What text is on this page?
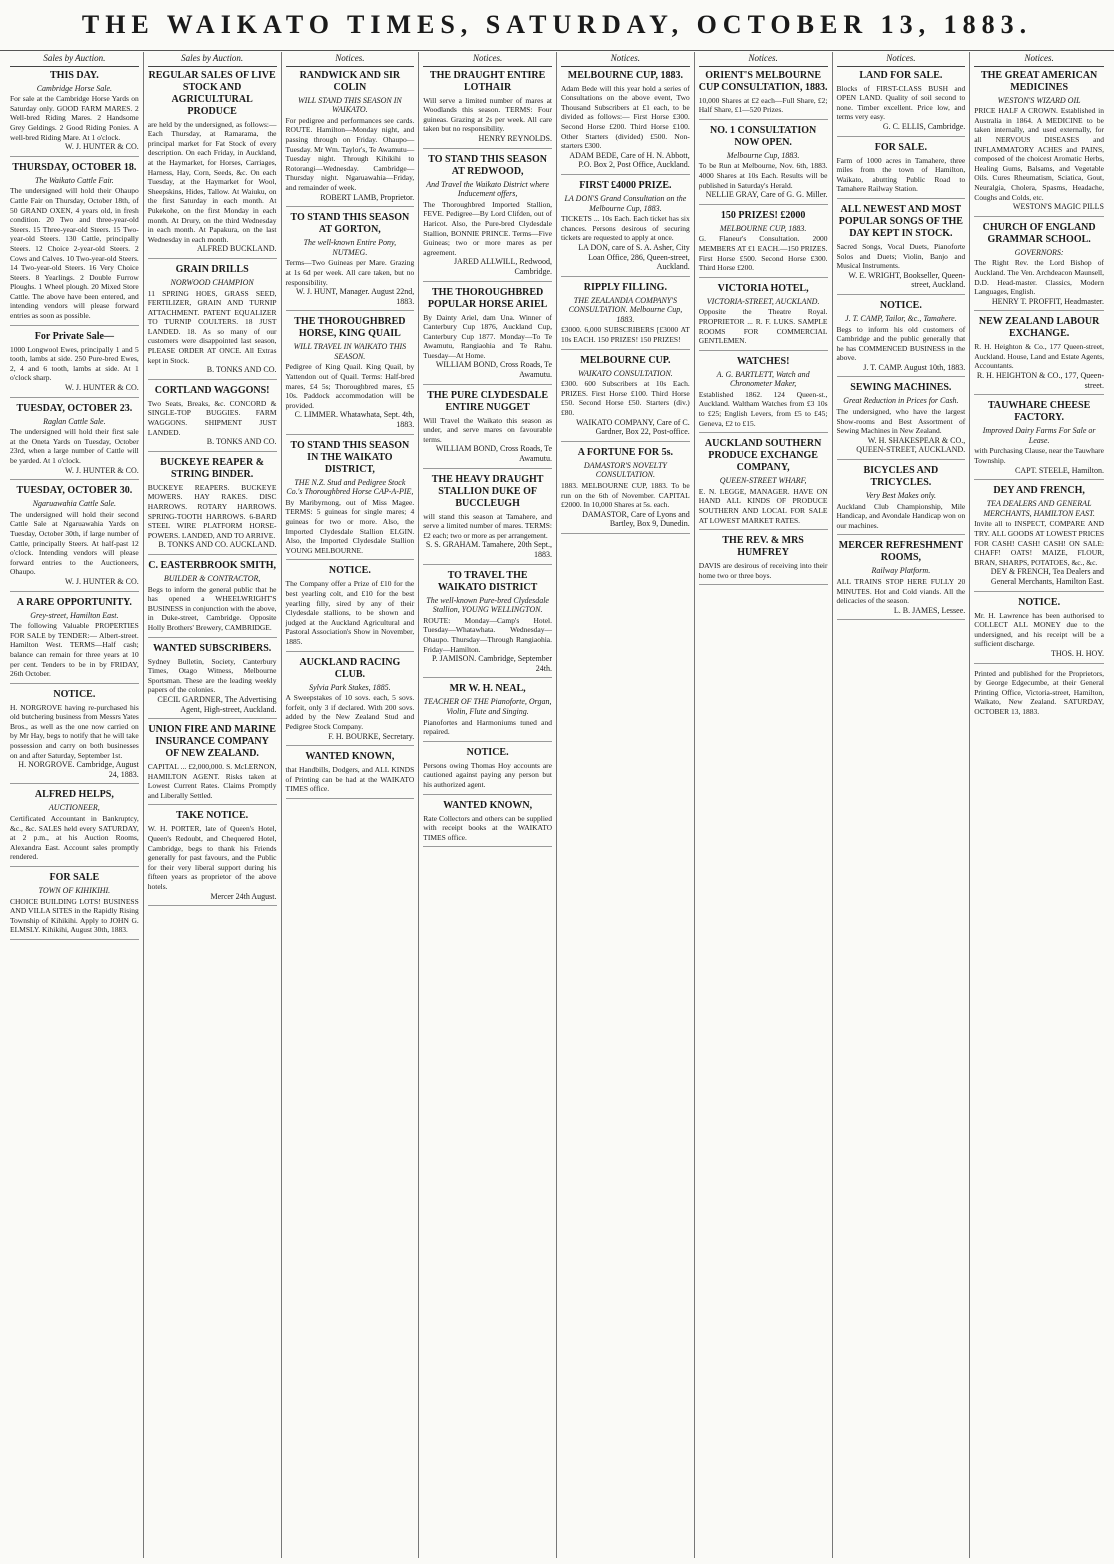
THE WAIKATO TIMES, SATURDAY, OCTOBER 13, 1883.
Sales by Auction.
THIS DAY.
Cambridge Horse Sale.
For sale at the Cambridge Horse Yards on Saturday only. GOOD FARM MARES. 2 Well-bred Riding Mares. 2 Handsome Grey Geldings. 2 Good Riding Ponies. A well-bred Riding Mare. At 1 o'clock.
W. J. HUNTER & CO.
THURSDAY, OCTOBER 18.
The Waikato Cattle Fair.
The undersigned will hold their Ohaupo Cattle Fair on Thursday, October 18th, of 50 GRAND OXEN, 4 years old, in fresh condition. 20 Two and three-year-old Steers. 15 Three-year-old Steers. 15 Two-year-old Steers. 130 Cattle, principally Steers. 12 Choice 2-year-old Steers. 2 Cows and Calves. 10 Two-year-old Steers. 14 Two-year-old Steers. 16 Very Choice Steers. 8 Yearlings. 2 Double Furrow Ploughs. 1 Wheel plough. 20 Mixed Store Cattle. The above have been entered, and intending vendors will please forward entries as soon as possible.
For Private Sale—
1000 Longwool Ewes, principally 1 and 5 tooth, lambs at side. 250 Pure-bred Ewes, 2, 4 and 6 tooth, lambs at side. At 1 o'clock sharp.
W. J. HUNTER & CO.
TUESDAY, OCTOBER 23.
Raglan Cattle Sale.
The undersigned will hold their first sale at the Oneta Yards on Tuesday, October 23rd, when a large number of Cattle will be yarded. At 1 o'clock.
W. J. HUNTER & CO.
TUESDAY, OCTOBER 30.
Ngaruawahia Cattle Sale.
The undersigned will hold their second Cattle Sale at Ngaruawahia Yards on Tuesday, October 30th, if large number of Cattle, principally Steers. At half-past 12 o'clock. Intending vendors will please forward entries to the Auctioneers, Ohaupo.
W. J. HUNTER & CO.
A RARE OPPORTUNITY.
Grey-street, Hamilton East.
The following Valuable PROPERTIES FOR SALE by TENDER:— Albert-street. Hamilton West. TERMS—Half cash; balance can remain for three years at 10 per cent. Tenders to be in by FRIDAY, 26th October.
NOTICE.
H. NORGROVE having re-purchased his old butchering business from Messrs Yates Bros., as well as the one now carried on by Mr Hay, begs to notify that he will take possession and carry on both businesses on and after Saturday, September 1st.
H. NORGROVE. Cambridge, August 24, 1883.
ALFRED HELPS,
AUCTIONEER,
Certificated Accountant in Bankruptcy, &c., &c. SALES held every SATURDAY, at 2 p.m., at his Auction Rooms, Alexandra East. Account sales promptly rendered.
FOR SALE
TOWN OF KIHIKIHI.
CHOICE BUILDING LOTS! BUSINESS AND VILLA SITES in the Rapidly Rising Township of Kihikihi. Apply to JOHN G. ELMSLY. Kihikihi, August 30th, 1883.
Sales by Auction.
REGULAR SALES OF LIVE STOCK AND AGRICULTURAL PRODUCE
are held by the undersigned, as follows:— Each Thursday, at Ramarama, the principal market for Fat Stock of every description. On each Friday, in Auckland, at the Haymarket, for Horses, Carriages, Harness, Hay, Corn, Seeds, &c. On each Tuesday, at the Haymarket for Wool, Sheepskins, Hides, Tallow. At Waiuku, on the first Saturday in each month. At Pukekohe, on the first Monday in each month. At Drury, on the third Wednesday in each month. At Papakura, on the last Wednesday in each month.
ALFRED BUCKLAND.
GRAIN DRILLS
NORWOOD CHAMPION
11 SPRING HOES, GRASS SEED, FERTILIZER, GRAIN AND TURNIP ATTACHMENT. PATENT EQUALIZER TO TURNIP COULTERS. 18 JUST LANDED. 18. As so many of our customers were disappointed last season, PLEASE ORDER AT ONCE. All Extras kept in Stock.
B. TONKS AND CO.
CORTLAND WAGGONS!
Two Seats, Breaks, &c. CONCORD & SINGLE-TOP BUGGIES. FARM WAGGONS. SHIPMENT JUST LANDED.
B. TONKS AND CO.
BUCKEYE REAPER & STRING BINDER.
BUCKEYE REAPERS. BUCKEYE MOWERS. HAY RAKES. DISC HARROWS. ROTARY HARROWS. SPRING-TOOTH HARROWS. 6-BARD STEEL WIRE PLATFORM HORSE-POWERS. LANDED, AND TO ARRIVE.
B. TONKS AND CO. AUCKLAND.
C. EASTERBROOK SMITH,
BUILDER & CONTRACTOR,
Begs to inform the general public that he has opened a WHEELWRIGHT'S BUSINESS in conjunction with the above, in Duke-street, Cambridge. Opposite Holly Brothers' Brewery, CAMBRIDGE.
WANTED SUBSCRIBERS.
Sydney Bulletin, Society, Canterbury Times, Otago Witness, Melbourne Sportsman. These are the leading weekly papers of the colonies.
CECIL GARDNER, The Advertising Agent, High-street, Auckland.
UNION FIRE AND MARINE INSURANCE COMPANY OF NEW ZEALAND.
CAPITAL ... £2,000,000. S. McLERNON, HAMILTON AGENT. Risks taken at Lowest Current Rates. Claims Promptly and Liberally Settled.
TAKE NOTICE.
W. H. PORTER, late of Queen's Hotel, Queen's Redoubt, and Chequered Hotel, Cambridge, begs to thank his Friends generally for past favours, and the Public for their very liberal support during his fifteen years as proprietor of the above hotels.
Mercer 24th August.
Notices.
RANDWICK AND SIR COLIN
WILL STAND THIS SEASON IN WAIKATO.
For pedigree and performances see cards. ROUTE. Hamilton—Monday night, and passing through on Friday. Ohaupo—Tuesday. Mr Wm. Taylor's, Te Awamutu—Tuesday night. Through Kihikihi to Rotorangi—Wednesday. Cambridge—Thursday night. Ngaruawahia—Friday, and remainder of week.
ROBERT LAMB, Proprietor.
TO STAND THIS SEASON AT GORTON,
The well-known Entire Pony, NUTMEG.
Terms—Two Guineas per Mare. Grazing at 1s 6d per week. All care taken, but no responsibility.
W. J. HUNT, Manager. August 22nd, 1883.
THE THOROUGHBRED HORSE, KING QUAIL
WILL TRAVEL IN WAIKATO THIS SEASON.
Pedigree of King Quail. King Quail, by Yattendon out of Quail. Terms: Half-bred mares, £4 5s; Thoroughbred mares, £5 10s. Paddock accommodation will be provided.
C. LIMMER. Whatawhata, Sept. 4th, 1883.
TO STAND THIS SEASON IN THE WAIKATO DISTRICT,
THE N.Z. Stud and Pedigree Stock Co.'s Thoroughbred Horse CAP-A-PIE,
By Maribyrnong, out of Miss Magee. TERMS: 5 guineas for single mares; 4 guineas for two or more. Also, the Imported Clydesdale Stallion ELGIN. Also, the Imported Clydesdale Stallion YOUNG MELBOURNE.
NOTICE.
The Company offer a Prize of £10 for the best yearling colt, and £10 for the best yearling filly, sired by any of their Clydesdale stallions, to be shown and judged at the Auckland Agricultural and Pastoral Association's Show in November, 1885.
AUCKLAND RACING CLUB.
Sylvia Park Stakes, 1885.
A Sweepstakes of 10 sovs. each, 5 sovs. forfeit, only 3 if declared. With 200 sovs. added by the New Zealand Stud and Pedigree Stock Company.
F. H. BOURKE, Secretary.
WANTED KNOWN,
that Handbills, Dodgers, and ALL KINDS of Printing can be had at the WAIKATO TIMES office.
Notices.
THE DRAUGHT ENTIRE LOTHAIR
Will serve a limited number of mares at Woodlands this season. TERMS: Four guineas. Grazing at 2s per week. All care taken but no responsibility.
HENRY REYNOLDS.
TO STAND THIS SEASON AT REDWOOD,
And Travel the Waikato District where Inducement offers,
The Thoroughbred Imported Stallion, FEVE. Pedigree—By Lord Clifden, out of Haricot. Also, the Pure-bred Clydesdale Stallion, BONNIE PRINCE. Terms—Five Guineas; two or more mares as per agreement.
JARED ALLWILL, Redwood, Cambridge.
THE THOROUGHBRED POPULAR HORSE ARIEL
By Dainty Ariel, dam Una. Winner of Canterbury Cup 1876, Auckland Cup, Canterbury Cup 1877. Monday—To Te Awamutu, Rangiaohia and Te Rahu. Tuesday—At Home.
WILLIAM BOND, Cross Roads, Te Awamutu.
THE PURE CLYDESDALE ENTIRE NUGGET
Will Travel the Waikato this season as under, and serve mares on favourable terms.
WILLIAM BOND, Cross Roads, Te Awamutu.
THE HEAVY DRAUGHT STALLION DUKE OF BUCCLEUGH
will stand this season at Tamahere, and serve a limited number of mares. TERMS: £2 each; two or more as per arrangement.
S. S. GRAHAM. Tamahere, 20th Sept., 1883.
TO TRAVEL THE WAIKATO DISTRICT
The well-known Pure-bred Clydesdale Stallion, YOUNG WELLINGTON.
ROUTE: Monday—Camp's Hotel. Tuesday—Whatawhata. Wednesday—Ohaupo. Thursday—Through Rangiaohia. Friday—Hamilton.
P. JAMISON. Cambridge, September 24th.
MR W. H. NEAL,
TEACHER OF THE Pianoforte, Organ, Violin, Flute and Singing.
Pianofortes and Harmoniums tuned and repaired.
NOTICE.
Persons owing Thomas Hoy accounts are cautioned against paying any person but his authorized agent.
WANTED KNOWN,
Rate Collectors and others can be supplied with receipt books at the WAIKATO TIMES office.
Notices.
MELBOURNE CUP, 1883.
Adam Bede will this year hold a series of Consultations on the above event, Two Thousand Subscribers at £1 each, to be divided as follows:— First Horse £300. Second Horse £200. Third Horse £100. Other Starters (divided) £500. Non-starters £300.
ADAM BEDE, Care of H. N. Abbott, P.O. Box 2, Post Office, Auckland.
FIRST £4000 PRIZE.
LA DON'S Grand Consultation on the Melbourne Cup, 1883.
TICKETS ... 10s Each. Each ticket has six chances. Persons desirous of securing tickets are requested to apply at once.
LA DON, care of S. A. Asher, City Loan Office, 286, Queen-street, Auckland.
RIPPLY FILLING.
THE ZEALANDIA COMPANY'S CONSULTATION. Melbourne Cup, 1883.
£3000. 6,000 SUBSCRIBERS [£3000 AT 10s EACH. 150 PRIZES! 150 PRIZES!
MELBOURNE CUP.
WAIKATO CONSULTATION.
£300. 600 Subscribers at 10s Each. PRIZES. First Horse £100. Third Horse £50. Second Horse £50. Starters (div.) £80.
WAIKATO COMPANY, Care of C. Gardner, Box 22, Post-office.
A FORTUNE FOR 5s.
DAMASTOR'S NOVELTY CONSULTATION.
1883. MELBOURNE CUP, 1883. To be run on the 6th of November. CAPITAL £2000. In 10,000 Shares at 5s. each.
DAMASTOR, Care of Lyons and Bartley, Box 9, Dunedin.
Notices.
ORIENT'S MELBOURNE CUP CONSULTATION, 1883.
10,000 Shares at £2 each—Full Share, £2; Half Share, £1—520 Prizes.
NO. 1 CONSULTATION NOW OPEN.
Melbourne Cup, 1883.
To be Run at Melbourne, Nov. 6th, 1883. 4000 Shares at 10s Each. Results will be published in Saturday's Herald.
NELLIE GRAY, Care of G. G. Miller.
150 PRIZES! £2000
MELBOURNE CUP, 1883.
G. Flaneur's Consultation. 2000 MEMBERS AT £1 EACH.—150 PRIZES. First Horse £500. Second Horse £300. Third Horse £200.
VICTORIA HOTEL,
VICTORIA-STREET, AUCKLAND.
Opposite the Theatre Royal. PROPRIETOR ... R. F. LUKS. SAMPLE ROOMS FOR COMMERCIAL GENTLEMEN.
WATCHES!
A. G. BARTLETT, Watch and Chronometer Maker,
Established 1862. 124 Queen-st., Auckland. Waltham Watches from £3 10s to £25; English Levers, from £5 to £45; Geneva, £2 to £15.
AUCKLAND SOUTHERN PRODUCE EXCHANGE COMPANY,
QUEEN-STREET WHARF,
E. N. LEGGE, MANAGER. HAVE ON HAND ALL KINDS OF PRODUCE SOUTHERN AND LOCAL FOR SALE AT LOWEST MARKET RATES.
THE REV. & MRS HUMFREY
DAVIS are desirous of receiving into their home two or three boys.
Notices.
LAND FOR SALE.
Blocks of FIRST-CLASS BUSH and OPEN LAND. Quality of soil second to none. Timber excellent. Price low, and terms very easy.
G. C. ELLIS, Cambridge.
FOR SALE.
Farm of 1000 acres in Tamahere, three miles from the town of Hamilton, Waikato, abutting Public Road to Tamahere Railway Station.
ALL NEWEST AND MOST POPULAR SONGS OF THE DAY KEPT IN STOCK.
Sacred Songs, Vocal Duets, Pianoforte Solos and Duets; Violin, Banjo and Musical Instruments.
W. E. WRIGHT, Bookseller, Queen-street, Auckland.
NOTICE.
J. T. CAMP, Tailor, &c., Tamahere.
Begs to inform his old customers of Cambridge and the public generally that he has COMMENCED BUSINESS in the above.
J. T. CAMP. August 10th, 1883.
SEWING MACHINES.
Great Reduction in Prices for Cash.
The undersigned, who have the largest Show-rooms and Best Assortment of Sewing Machines in New Zealand.
W. H. SHAKESPEAR & CO., QUEEN-STREET, AUCKLAND.
BICYCLES AND TRICYCLES.
Very Best Makes only.
Auckland Club Championship, Mile Handicap, and Avondale Handicap won on our machines.
MERCER REFRESHMENT ROOMS,
Railway Platform.
ALL TRAINS STOP HERE FULLY 20 MINUTES. Hot and Cold viands. All the delicacies of the season.
L. B. JAMES, Lessee.
Notices.
THE GREAT AMERICAN MEDICINES
WESTON'S WIZARD OIL
PRICE HALF A CROWN. Established in Australia in 1864. A MEDICINE to be taken internally, and used externally, for all NERVOUS DISEASES and INFLAMMATORY ACHES and PAINS, composed of the choicest Aromatic Herbs, Healing Gums, Balsams, and Vegetable Oils. Cures Rheumatism, Sciatica, Gout, Neuralgia, Cholera, Spasms, Headache, Coughs and Colds, etc.
WESTON'S MAGIC PILLS
CHURCH OF ENGLAND GRAMMAR SCHOOL.
GOVERNORS:
The Right Rev. the Lord Bishop of Auckland. The Ven. Archdeacon Maunsell, D.D. Head-master. Classics, Modern Languages, English.
HENRY T. PROFFIT, Headmaster.
NEW ZEALAND LABOUR EXCHANGE.
R. H. Heighton & Co., 177 Queen-street, Auckland. House, Land and Estate Agents, Accountants.
R. H. HEIGHTON & CO., 177, Queen-street.
TAUWHARE CHEESE FACTORY.
Improved Dairy Farms For Sale or Lease.
with Purchasing Clause, near the Tauwhare Township.
CAPT. STEELE, Hamilton.
DEY AND FRENCH,
TEA DEALERS AND GENERAL MERCHANTS, HAMILTON EAST.
Invite all to INSPECT, COMPARE AND TRY. ALL GOODS AT LOWEST PRICES FOR CASH! CASH! CASH! ON SALE: CHAFF! OATS! MAIZE, FLOUR, BRAN, SHARPS, POTATOES, &c., &c.
DEY & FRENCH, Tea Dealers and General Merchants, Hamilton East.
NOTICE.
Mr. H. Lawrence has been authorised to COLLECT ALL MONEY due to the undersigned, and his receipt will be a sufficient discharge.
THOS. H. HOY.
Printed and published for the Proprietors, by George Edgecumbe, at their General Printing Office, Victoria-street, Hamilton, Waikato, New Zealand. SATURDAY, OCTOBER 13, 1883.
